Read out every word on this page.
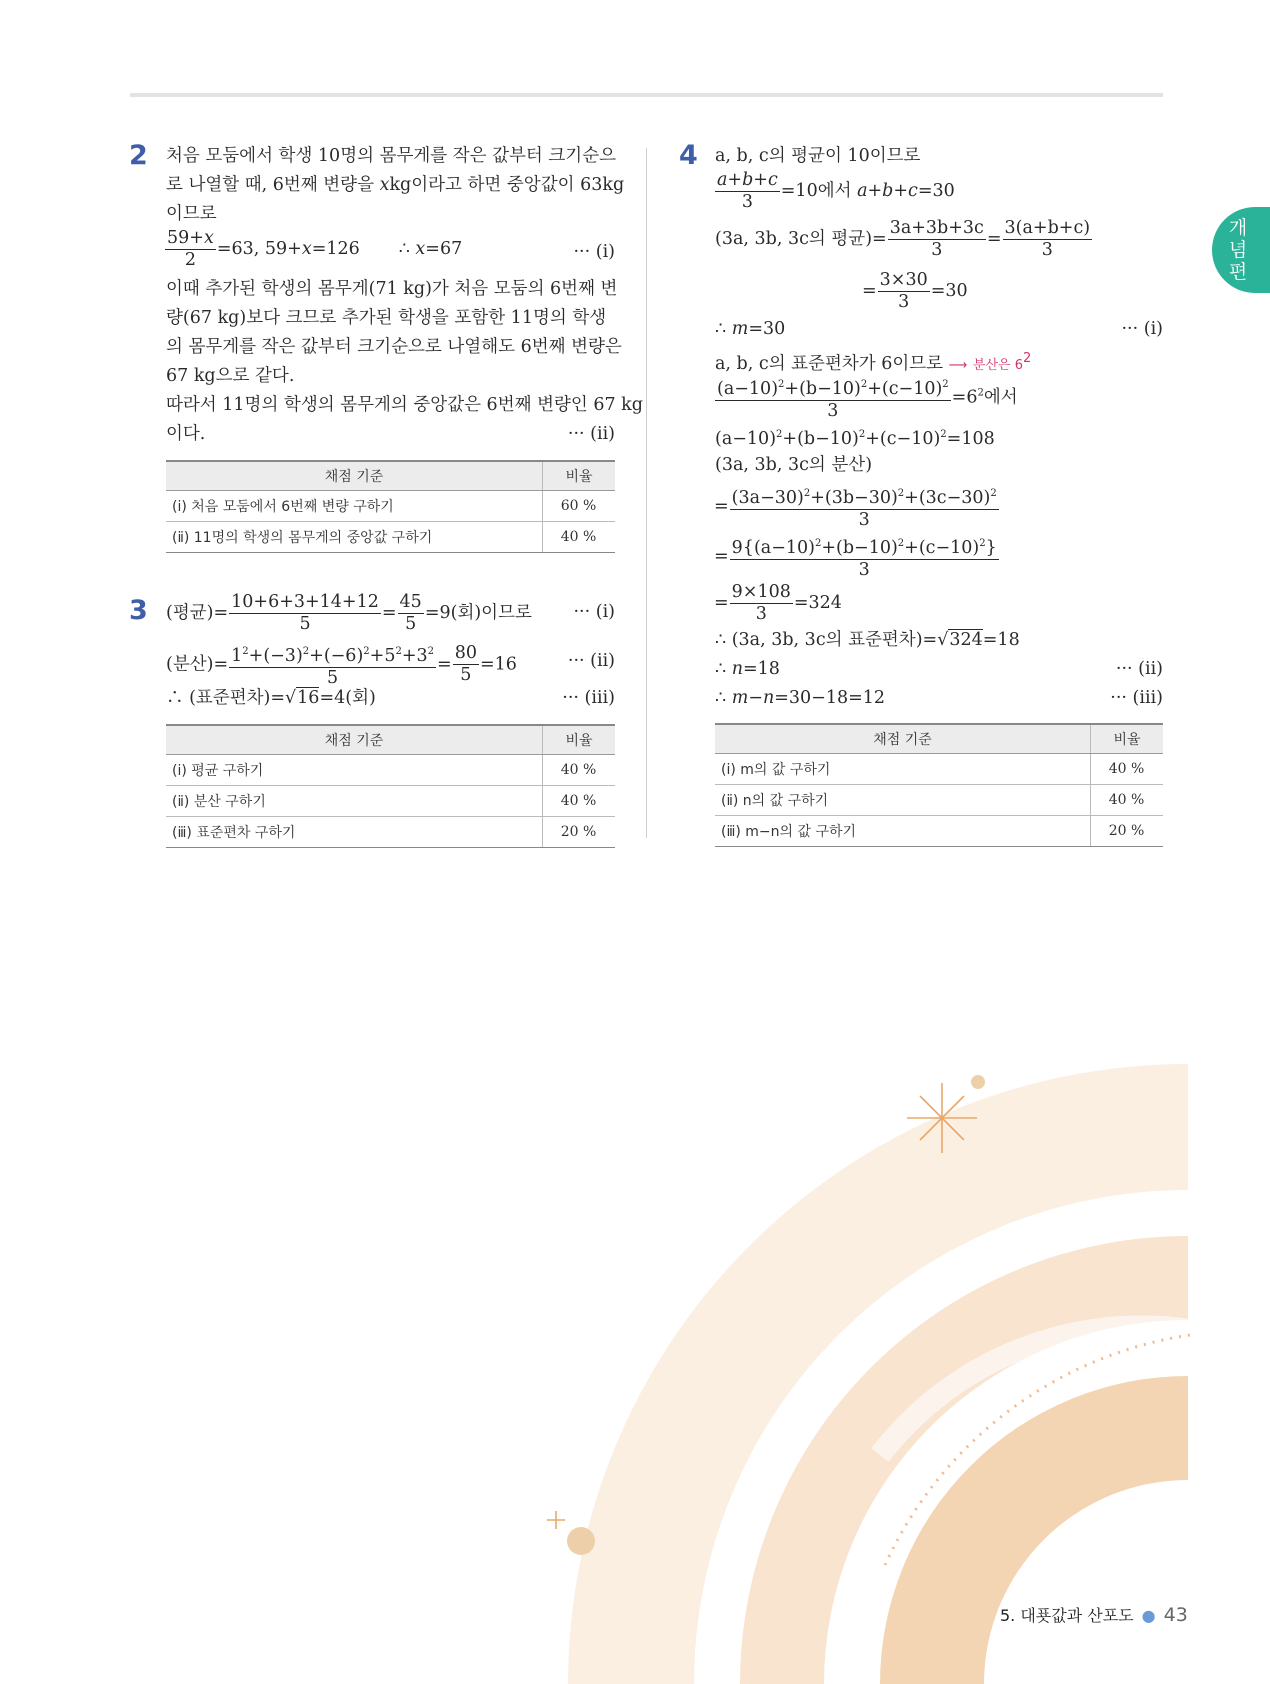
개념편
2 처음 모둠에서 학생 10명의 몸무게를 작은 값부터 크기순으
로 나열할 때, 6번째 변량을 xkg이라고 하면 중앙값이 63kg
이므로
$\frac{59+x}{2} =63$, 59+x=126 ∴ x=67	··· (ⅰ)
이때 추가된 학생의 몸무게(71 kg)가 처음 모둠의 6번째 변
량(67 kg)보다 크므로 추가된 학생을 포함한 11명의 학생
의 몸무게를 작은 값부터 크기순으로 나열해도 6번째 변량은
67 kg으로 같다.
따라서 11명의 학생의 몸무게의 중앙값은 6번째 변량인 67 kg
이다.	··· (ⅱ)
채점 기준	비율
(ⅰ) 처음 모둠에서 6번째 변량 구하기	60 %
(ⅱ) 11명의 학생의 몸무게의 중앙값 구하기	40 %
3 (평균)= $\frac{10+6+3+14+12}{5} = \frac{45}{5} =9$(회)이므로	··· (ⅰ)
(분산)= $\frac{1^2+(-3)^2+(-6)^2+5^2+3^2}{5} = \frac{80}{5} =16$	··· (ⅱ)
∴ (표준편차)=√16=4(회)	··· (ⅲ)
채점 기준	비율
(ⅰ) 평균 구하기	40 %
(ⅱ) 분산 구하기	40 %
(ⅲ) 표준편차 구하기	20 %
4 a, b, c의 평균이 10이므로
$\frac{a+b+c}{3} =10$에서 a+b+c=30
(3a, 3b, 3c의 평균)= $\frac{3a+3b+3c}{3} = \frac{3(a+b+c)}{3}$
= $\frac{3\times 30}{3} =30$
∴ m=30	··· (ⅰ)
a, b, c의 표준편차가 6이므로 ⟶ 분산은 6$^2$
$\frac{(a-10)^2+(b-10)^2+(c-10)^2}{3} =6^2$에서
$(a-10)^2+(b-10)^2+(c-10)^2=108$
(3a, 3b, 3c의 분산)
= $\frac{(3a-30)^2+(3b-30)^2+(3c-30)^2}{3}$
= $\frac{9\{(a-10)^2+(b-10)^2+(c-10)^2\}}{3}$
= $\frac{9\times 108}{3} =324$
∴ (3a, 3b, 3c의 표준편차)=√324=18
∴ n=18	··· (ⅱ)
∴ m−n=30−18=12	··· (ⅲ)
채점 기준	비율
(ⅰ) m의 값 구하기	40 %
(ⅱ) n의 값 구하기	40 %
(ⅲ) m−n의 값 구하기	20 %
5. 대푯값과 산포도 ● 43
